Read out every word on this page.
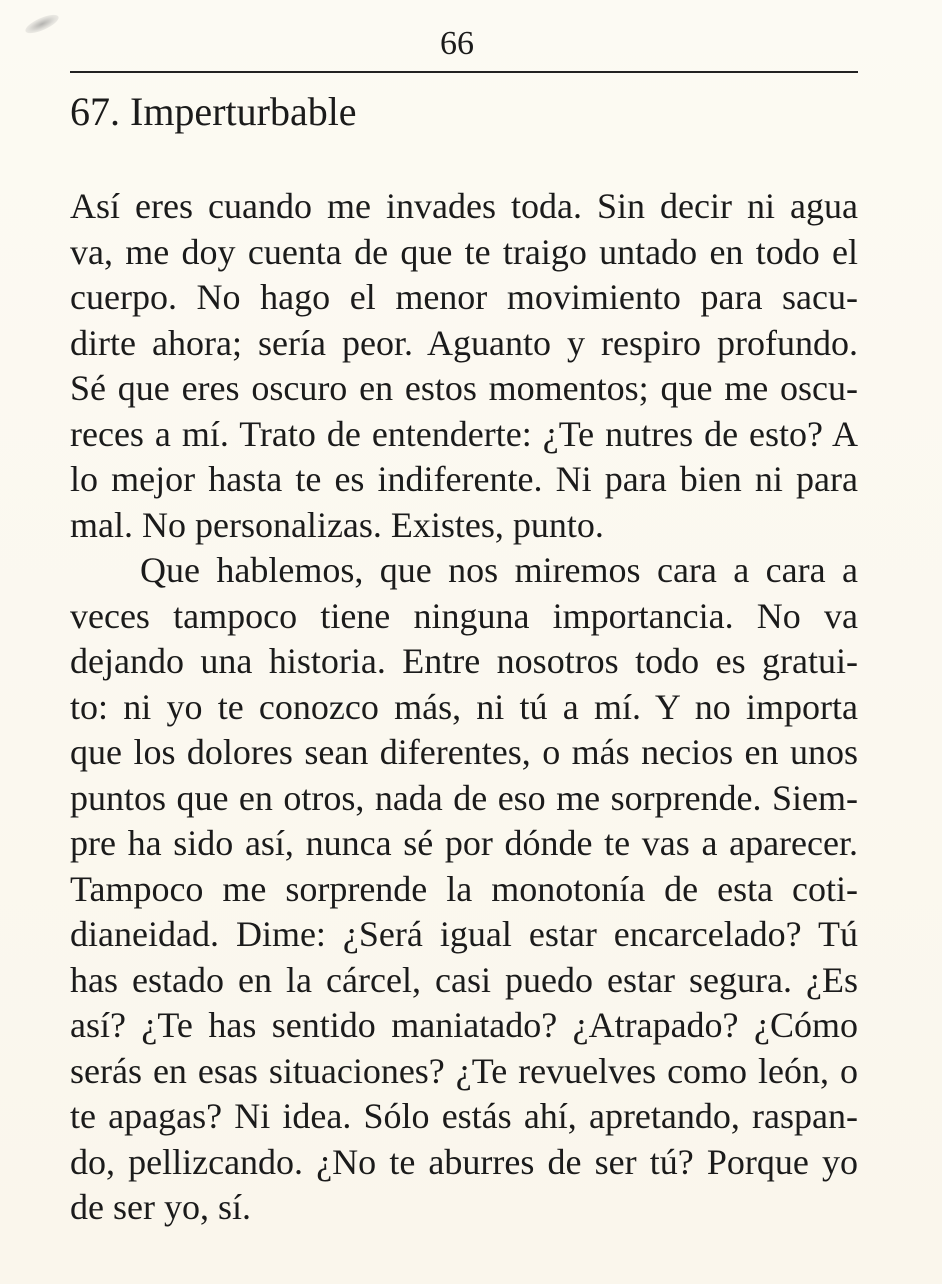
66
67. Imperturbable
Así eres cuando me invades toda. Sin decir ni agua
va, me doy cuenta de que te traigo untado en todo el
cuerpo. No hago el menor movimiento para sacu-
dirte ahora; sería peor. Aguanto y respiro profundo.
Sé que eres oscuro en estos momentos; que me oscu-
reces a mí. Trato de entenderte: ¿Te nutres de esto? A
lo mejor hasta te es indiferente. Ni para bien ni para
mal. No personalizas. Existes, punto.
Que hablemos, que nos miremos cara a cara a
veces tampoco tiene ninguna importancia. No va
dejando una historia. Entre nosotros todo es gratui-
to: ni yo te conozco más, ni tú a mí. Y no importa
que los dolores sean diferentes, o más necios en unos
puntos que en otros, nada de eso me sorprende. Siem-
pre ha sido así, nunca sé por dónde te vas a aparecer.
Tampoco me sorprende la monotonía de esta coti-
dianeidad. Dime: ¿Será igual estar encarcelado? Tú
has estado en la cárcel, casi puedo estar segura. ¿Es
así? ¿Te has sentido maniatado? ¿Atrapado? ¿Cómo
serás en esas situaciones? ¿Te revuelves como león, o
te apagas? Ni idea. Sólo estás ahí, apretando, raspan-
do, pellizcando. ¿No te aburres de ser tú? Porque yo
de ser yo, sí.
